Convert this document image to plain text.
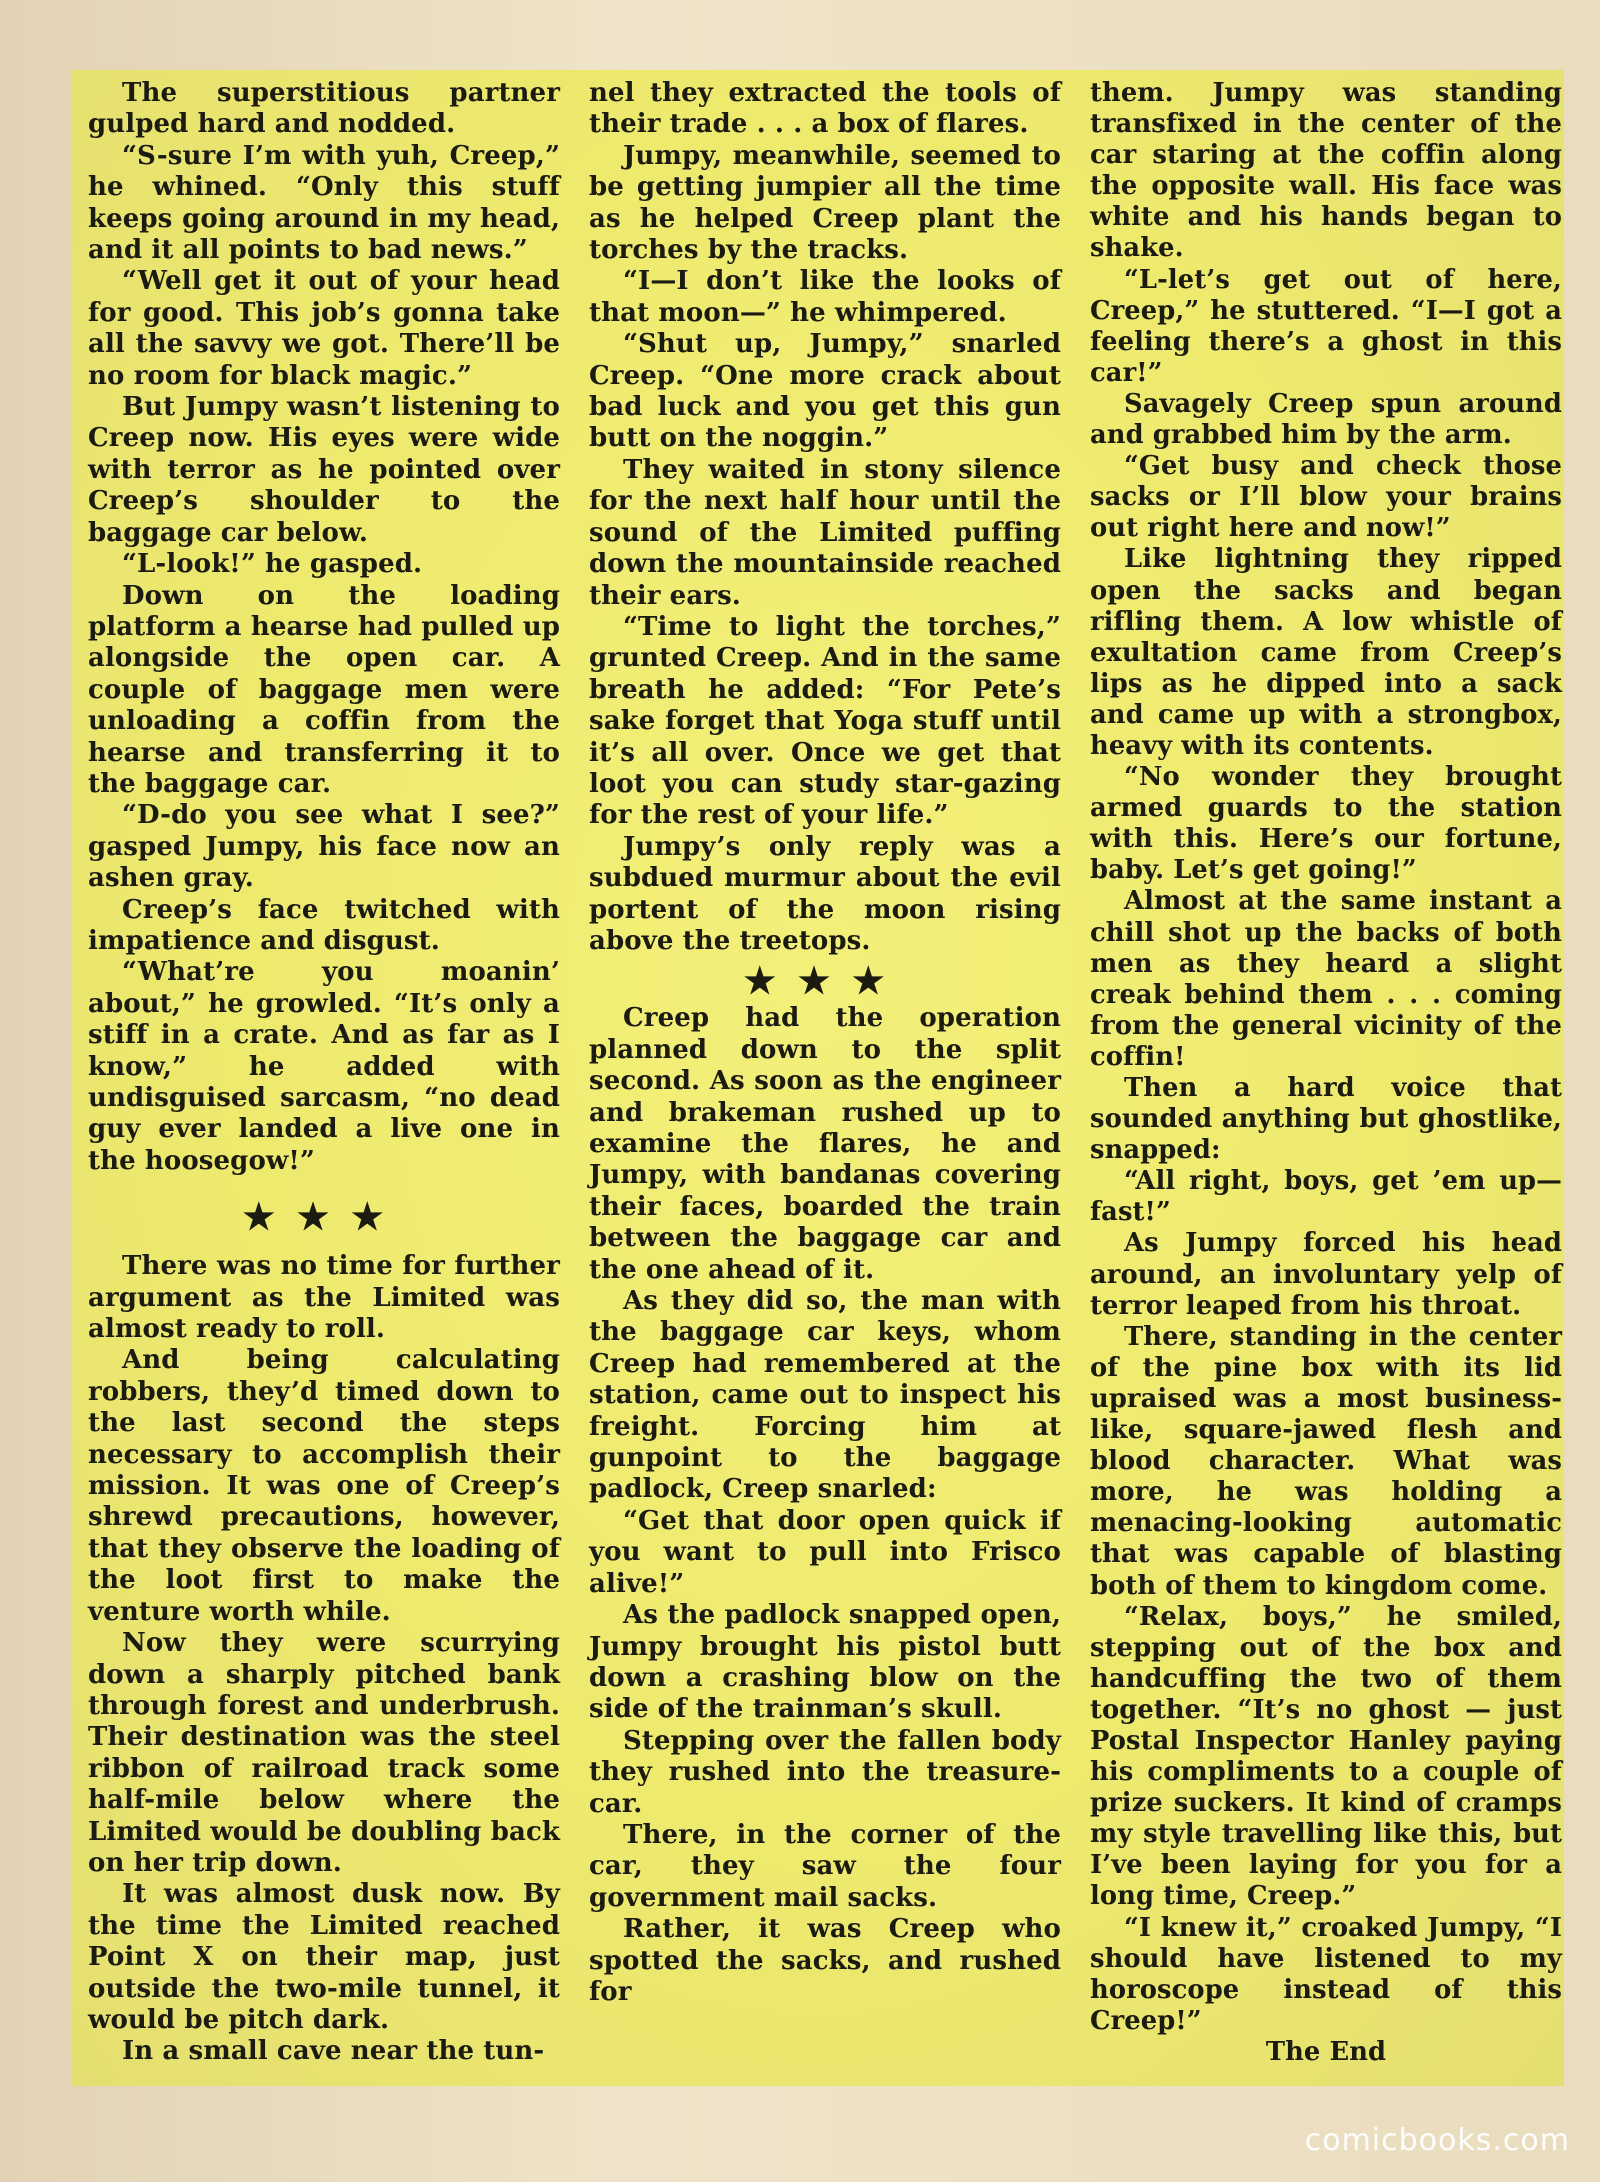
The superstitious partner gulped hard and nodded.

“S-sure I’m with yuh, Creep,” he whined. “Only this stuff keeps going around in my head, and it all points to bad news.”

“Well get it out of your head for good. This job’s gonna take all the savvy we got. There’ll be no room for black magic.”

But Jumpy wasn’t listening to Creep now. His eyes were wide with terror as he pointed over Creep’s shoulder to the baggage car below.

“L-look!” he gasped.

Down on the loading platform a hearse had pulled up alongside the open car. A couple of baggage men were unloading a coffin from the hearse and transferring it to the baggage car.

“D-do you see what I see?” gasped Jumpy, his face now an ashen gray.

Creep’s face twitched with impatience and disgust.

“What’re you moanin’ about,” he growled. “It’s only a stiff in a crate. And as far as I know,” he added with undisguised sarcasm, “no dead guy ever landed a live one in the hoosegow!”

★★★

There was no time for further argument as the Limited was almost ready to roll.

And being calculating robbers, they’d timed down to the last second the steps necessary to accomplish their mission. It was one of Creep’s shrewd precautions, however, that they observe the loading of the loot first to make the venture worth while.

Now they were scurrying down a sharply pitched bank through forest and underbrush. Their destination was the steel ribbon of railroad track some half-mile below where the Limited would be doubling back on her trip down.

It was almost dusk now. By the time the Limited reached Point X on their map, just outside the two-mile tunnel, it would be pitch dark.

In a small cave near the tun-

nel they extracted the tools of their trade . . . a box of flares.

Jumpy, meanwhile, seemed to be getting jumpier all the time as he helped Creep plant the torches by the tracks.

“I—I don’t like the looks of that moon—” he whimpered.

“Shut up, Jumpy,” snarled Creep. “One more crack about bad luck and you get this gun butt on the noggin.”

They waited in stony silence for the next half hour until the sound of the Limited puffing down the mountainside reached their ears.

“Time to light the torches,” grunted Creep. And in the same breath he added: “For Pete’s sake forget that Yoga stuff until it’s all over. Once we get that loot you can study star-gazing for the rest of your life.”

Jumpy’s only reply was a subdued murmur about the evil portent of the moon rising above the treetops.

★★★

Creep had the operation planned down to the split second. As soon as the engineer and brakeman rushed up to examine the flares, he and Jumpy, with bandanas covering their faces, boarded the train between the baggage car and the one ahead of it.

As they did so, the man with the baggage car keys, whom Creep had remembered at the station, came out to inspect his freight. Forcing him at gunpoint to the baggage padlock, Creep snarled:

“Get that door open quick if you want to pull into Frisco alive!”

As the padlock snapped open, Jumpy brought his pistol butt down a crashing blow on the side of the trainman’s skull.

Stepping over the fallen body they rushed into the treasure-car.

There, in the corner of the car, they saw the four government mail sacks.

Rather, it was Creep who spotted the sacks, and rushed for

them. Jumpy was standing transfixed in the center of the car staring at the coffin along the opposite wall. His face was white and his hands began to shake.

“L-let’s get out of here, Creep,” he stuttered. “I—I got a feeling there’s a ghost in this car!”

Savagely Creep spun around and grabbed him by the arm.

“Get busy and check those sacks or I’ll blow your brains out right here and now!”

Like lightning they ripped open the sacks and began rifling them. A low whistle of exultation came from Creep’s lips as he dipped into a sack and came up with a strongbox, heavy with its contents.

“No wonder they brought armed guards to the station with this. Here’s our fortune, baby. Let’s get going!”

Almost at the same instant a chill shot up the backs of both men as they heard a slight creak behind them . . . coming from the general vicinity of the coffin!

Then a hard voice that sounded anything but ghostlike, snapped:

“All right, boys, get ’em up—fast!”

As Jumpy forced his head around, an involuntary yelp of terror leaped from his throat.

There, standing in the center of the pine box with its lid upraised was a most business-like, square-jawed flesh and blood character. What was more, he was holding a menacing-looking automatic that was capable of blasting both of them to kingdom come.

“Relax, boys,” he smiled, stepping out of the box and handcuffing the two of them together. “It’s no ghost — just Postal Inspector Hanley paying his compliments to a couple of prize suckers. It kind of cramps my style travelling like this, but I’ve been laying for you for a long time, Creep.”

“I knew it,” croaked Jumpy, “I should have listened to my horoscope instead of this Creep!”

The End

comicbooks.com
